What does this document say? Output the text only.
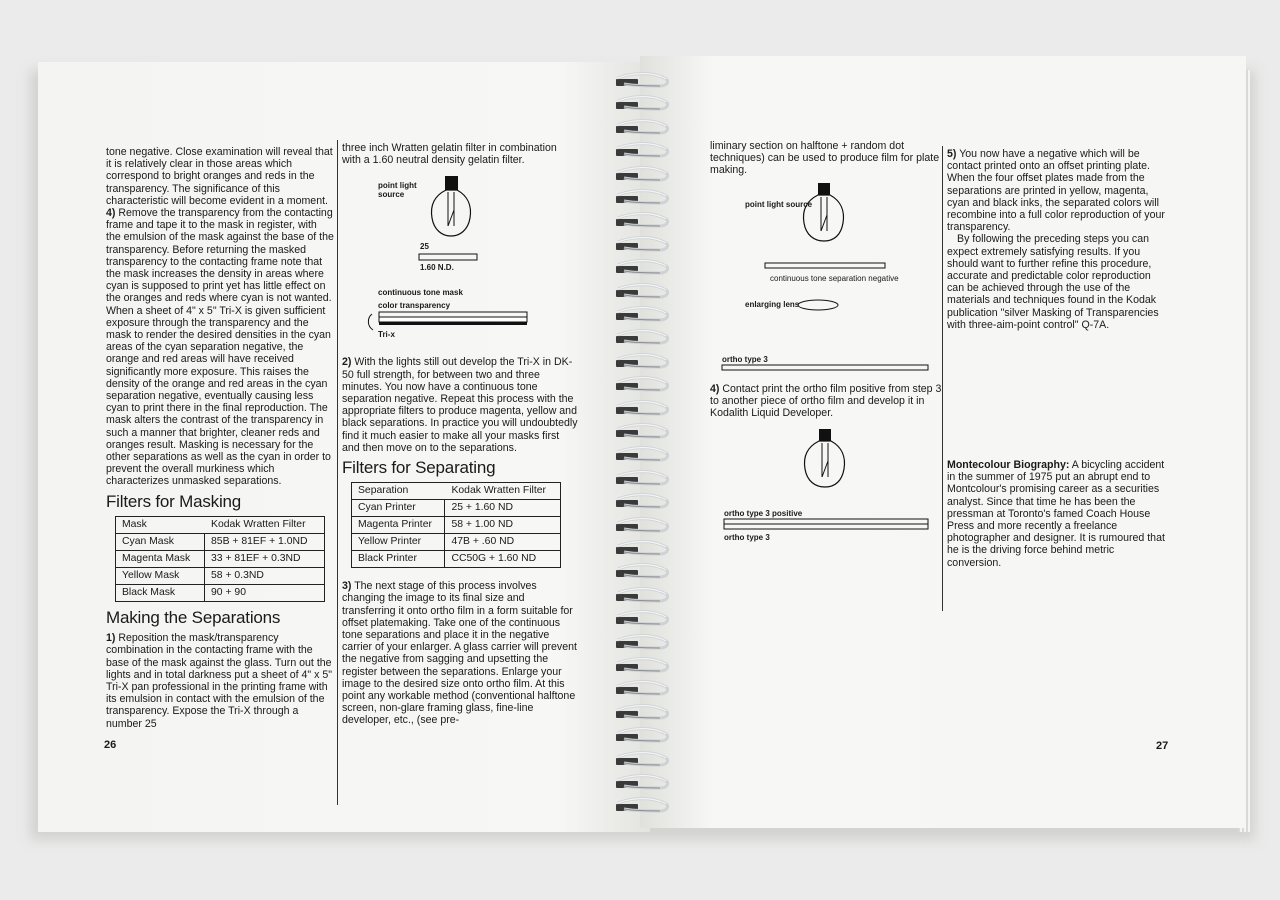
tone negative. Close examination will reveal that it is relatively clear in those areas which correspond to bright oranges and reds in the transparency. The significance of this characteristic will become evident in a moment.

4) Remove the transparency from the contacting frame and tape it to the mask in register, with the emulsion of the mask against the base of the transparency. Before returning the masked transparency to the contacting frame note that the mask increases the density in areas where cyan is supposed to print yet has little effect on the oranges and reds where cyan is not wanted. When a sheet of 4" x 5" Tri-X is given sufficient exposure through the transparency and the mask to render the desired densities in the cyan areas of the cyan separation negative, the orange and red areas will have received significantly more exposure. This raises the density of the orange and red areas in the cyan separation negative, eventually causing less cyan to print there in the final reproduction. The mask alters the contrast of the transparency in such a manner that brighter, cleaner reds and oranges result. Masking is necessary for the other separations as well as the cyan in order to prevent the overall murkiness which characterizes unmasked separations.

Filters for Masking
Mask	Kodak Wratten Filter
Cyan Mask	85B + 81EF + 1.0ND
Magenta Mask	33 + 81EF + 0.3ND
Yellow Mask	58 + 0.3ND
Black Mask	90 + 90
Making the Separations

1) Reposition the mask/transparency combination in the contacting frame with the base of the mask against the glass. Turn out the lights and in total darkness put a sheet of 4" x 5" Tri-X pan professional in the printing frame with its emulsion in contact with the emulsion of the transparency. Expose the Tri-X through a number 25

three inch Wratten gelatin filter in combination with a 1.60 neutral density gelatin filter.

point light
source
25
1.60 N.D.
continuous tone mask
color transparency
Tri-x

2) With the lights still out develop the Tri-X in DK-50 full strength, for between two and three minutes. You now have a continuous tone separation negative. Repeat this process with the appropriate filters to produce magenta, yellow and black separations. In practice you will undoubtedly find it much easier to make all your masks first and then move on to the separations.

Filters for Separating
Separation	Kodak Wratten Filter
Cyan Printer	25 + 1.60 ND
Magenta Printer	58 + 1.00 ND
Yellow Printer	47B + .60 ND
Black Printer	CC50G + 1.60 ND

3) The next stage of this process involves changing the image to its final size and transferring it onto ortho film in a form suitable for offset platemaking. Take one of the continuous tone separations and place it in the negative carrier of your enlarger. A glass carrier will prevent the negative from sagging and upsetting the register between the separations. Enlarge your image to the desired size onto ortho film. At this point any workable method (conventional halftone screen, non-glare framing glass, fine-line developer, etc., (see pre-

26

liminary section on halftone + random dot techniques) can be used to produce film for plate making.

point light source
continuous tone separation negative
enlarging lens
ortho type 3

4) Contact print the ortho film positive from step 3 to another piece of ortho film and develop it in Kodalith Liquid Developer.

ortho type 3 positive
ortho type 3

5) You now have a negative which will be contact printed onto an offset printing plate. When the four offset plates made from the separations are printed in yellow, magenta, cyan and black inks, the separated colors will recombine into a full color reproduction of your transparency.

By following the preceding steps you can expect extremely satisfying results. If you should want to further refine this procedure, accurate and predictable color reproduction can be achieved through the use of the materials and techniques found in the Kodak publication "silver Masking of Transparencies with three-aim-point control" Q-7A.

Montecolour Biography: A bicycling accident in the summer of 1975 put an abrupt end to Montcolour's promising career as a securities analyst. Since that time he has been the pressman at Toronto's famed Coach House Press and more recently a freelance photographer and designer. It is rumoured that he is the driving force behind metric conversion.

27
